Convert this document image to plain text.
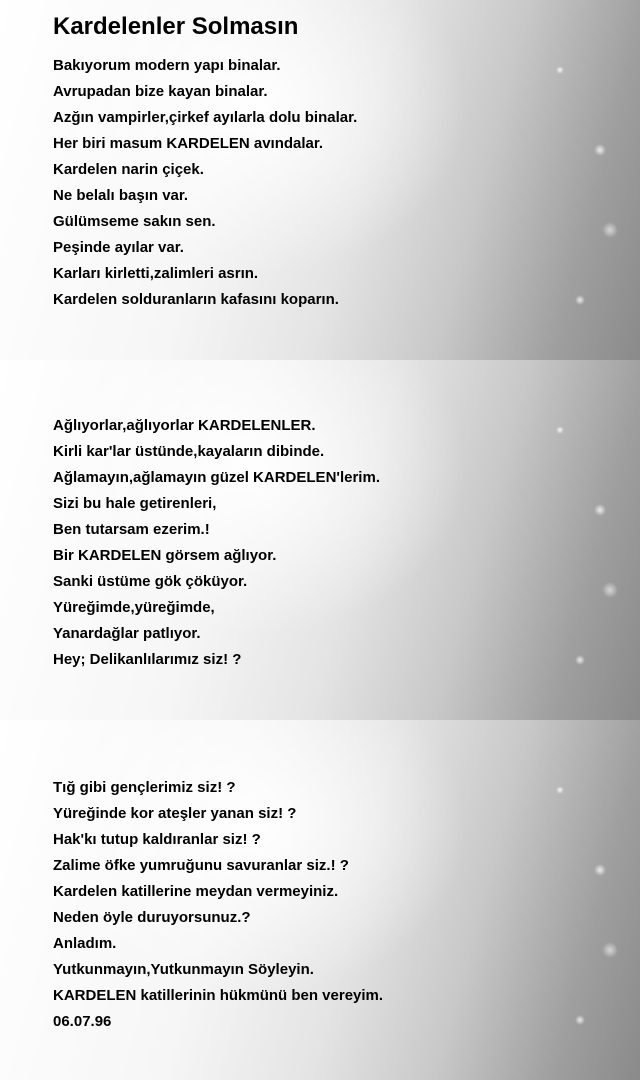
Kardelenler Solmasın
Bakıyorum modern yapı binalar.
Avrupadan bize kayan binalar.
Azğın vampirler,çirkef ayılarla dolu binalar.
Her biri masum KARDELEN avındalar.
Kardelen narin çiçek.
Ne belalı başın var.
Gülümseme sakın sen.
Peşinde ayılar var.
Karları kirletti,zalimleri asrın.
Kardelen solduranların kafasını koparın.
Ağlıyorlar,ağlıyorlar KARDELENLER.
Kirli kar'lar üstünde,kayaların dibinde.
Ağlamayın,ağlamayın güzel KARDELEN'lerim.
Sizi bu hale getirenleri,
Ben tutarsam ezerim.!
Bir KARDELEN görsem ağlıyor.
Sanki üstüme gök çöküyor.
Yüreğimde,yüreğimde,
Yanardağlar patlıyor.
Hey; Delikanlılarımız siz! ?
Tığ gibi gençlerimiz siz! ?
Yüreğinde kor ateşler yanan siz! ?
Hak'kı tutup kaldıranlar siz! ?
Zalime öfke yumruğunu savuranlar siz.! ?
Kardelen katillerine meydan vermeyiniz.
Neden öyle duruyorsunuz.?
Anladım.
Yutkunmayın,Yutkunmayın Söyleyin.
KARDELEN katillerinin hükmünü ben vereyim.
06.07.96
